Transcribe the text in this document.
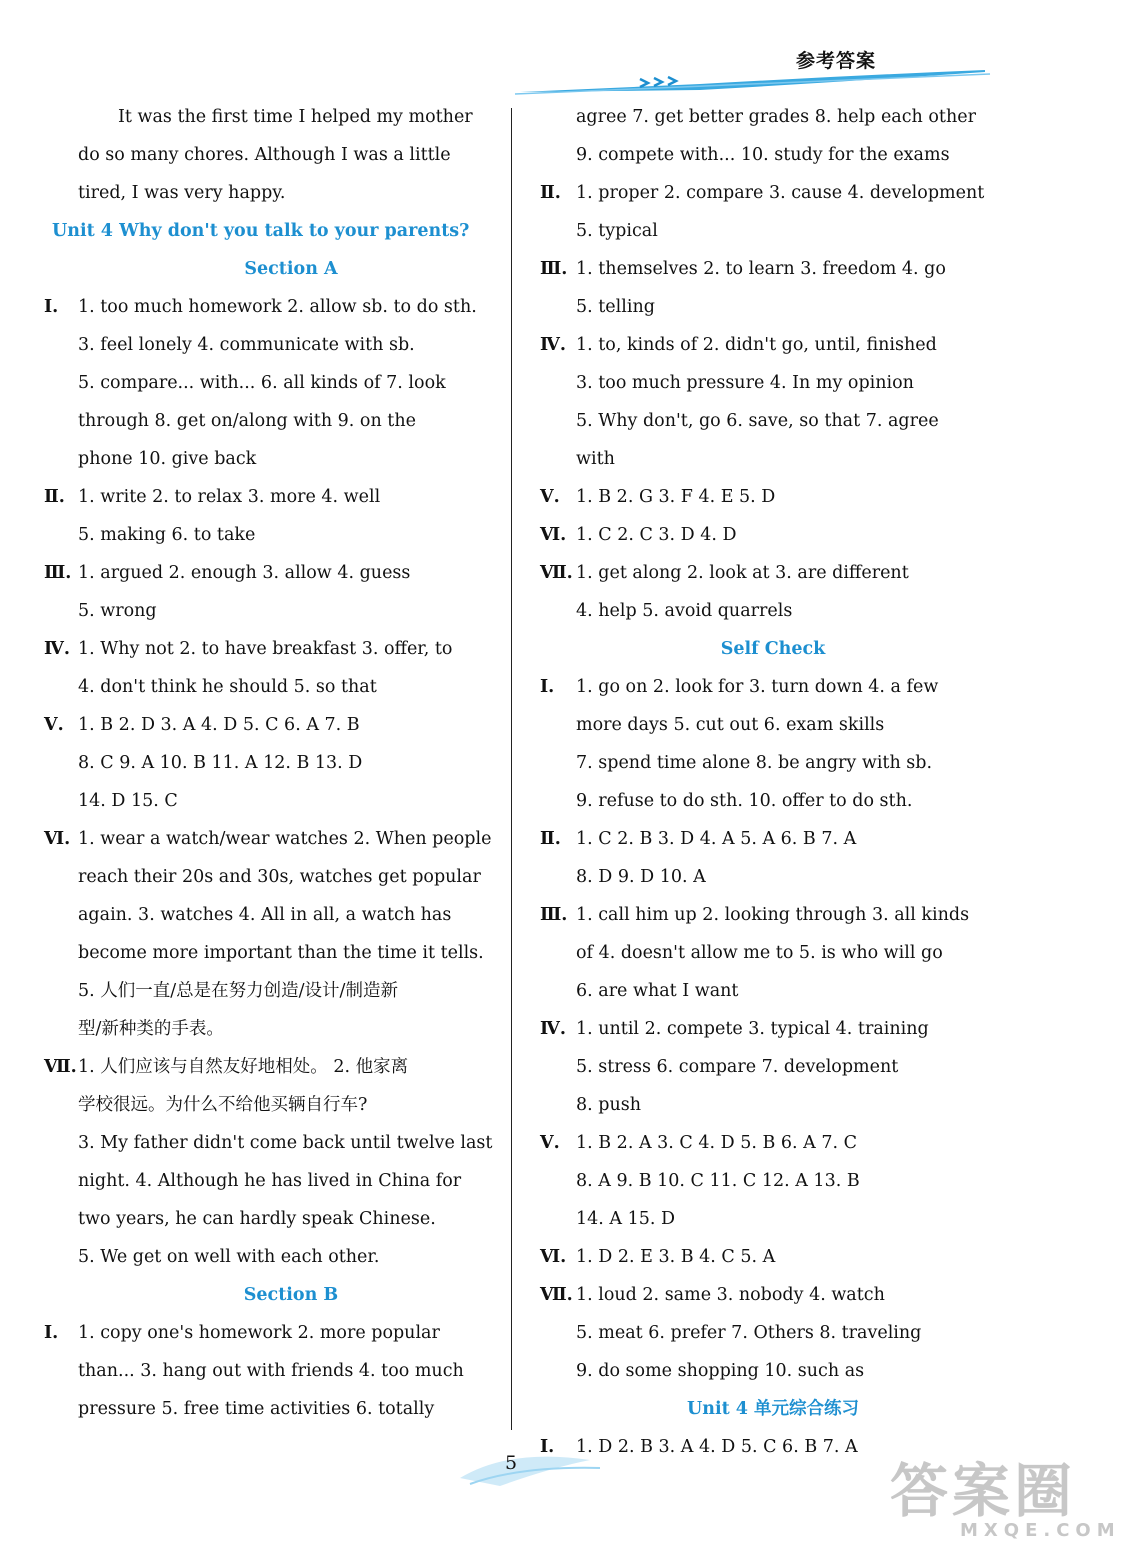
参考答案
It was the first time I helped my mother
do so many chores. Although I was a little
tired, I was very happy.
Unit 4 Why don't you talk to your parents?
Section A
Ⅰ. 1. too much homework 2. allow sb. to do sth.
3. feel lonely 4. communicate with sb.
5. compare... with... 6. all kinds of 7. look
through 8. get on/along with 9. on the
phone 10. give back
Ⅱ. 1. write 2. to relax 3. more 4. well
5. making 6. to take
Ⅲ. 1. argued 2. enough 3. allow 4. guess
5. wrong
Ⅳ. 1. Why not 2. to have breakfast 3. offer, to
4. don't think he should 5. so that
Ⅴ. 1. B 2. D 3. A 4. D 5. C 6. A 7. B
8. C 9. A 10. B 11. A 12. B 13. D
14. D 15. C
Ⅵ. 1. wear a watch/wear watches 2. When people
reach their 20s and 30s, watches get popular
again. 3. watches 4. All in all, a watch has
become more important than the time it tells.
5. 人们一直/总是在努力创造/设计/制造新
型/新种类的手表。
Ⅶ. 1. 人们应该与自然友好地相处。 2. 他家离
学校很远。为什么不给他买辆自行车?
3. My father didn't come back until twelve last
night. 4. Although he has lived in China for
two years, he can hardly speak Chinese.
5. We get on well with each other.
Section B
Ⅰ. 1. copy one's homework 2. more popular
than... 3. hang out with friends 4. too much
pressure 5. free time activities 6. totally
agree 7. get better grades 8. help each other
9. compete with... 10. study for the exams
Ⅱ. 1. proper 2. compare 3. cause 4. development
5. typical
Ⅲ. 1. themselves 2. to learn 3. freedom 4. go
5. telling
Ⅳ. 1. to, kinds of 2. didn't go, until, finished
3. too much pressure 4. In my opinion
5. Why don't, go 6. save, so that 7. agree
with
Ⅴ. 1. B 2. G 3. F 4. E 5. D
Ⅵ. 1. C 2. C 3. D 4. D
Ⅶ. 1. get along 2. look at 3. are different
4. help 5. avoid quarrels
Self Check
Ⅰ. 1. go on 2. look for 3. turn down 4. a few
more days 5. cut out 6. exam skills
7. spend time alone 8. be angry with sb.
9. refuse to do sth. 10. offer to do sth.
Ⅱ. 1. C 2. B 3. D 4. A 5. A 6. B 7. A
8. D 9. D 10. A
Ⅲ. 1. call him up 2. looking through 3. all kinds
of 4. doesn't allow me to 5. is who will go
6. are what I want
Ⅳ. 1. until 2. compete 3. typical 4. training
5. stress 6. compare 7. development
8. push
Ⅴ. 1. B 2. A 3. C 4. D 5. B 6. A 7. C
8. A 9. B 10. C 11. C 12. A 13. B
14. A 15. D
Ⅵ. 1. D 2. E 3. B 4. C 5. A
Ⅶ. 1. loud 2. same 3. nobody 4. watch
5. meat 6. prefer 7. Others 8. traveling
9. do some shopping 10. such as
Unit 4 单元综合练习
Ⅰ. 1. D 2. B 3. A 4. D 5. C 6. B 7. A
5	答案圈
MXQE.COM
